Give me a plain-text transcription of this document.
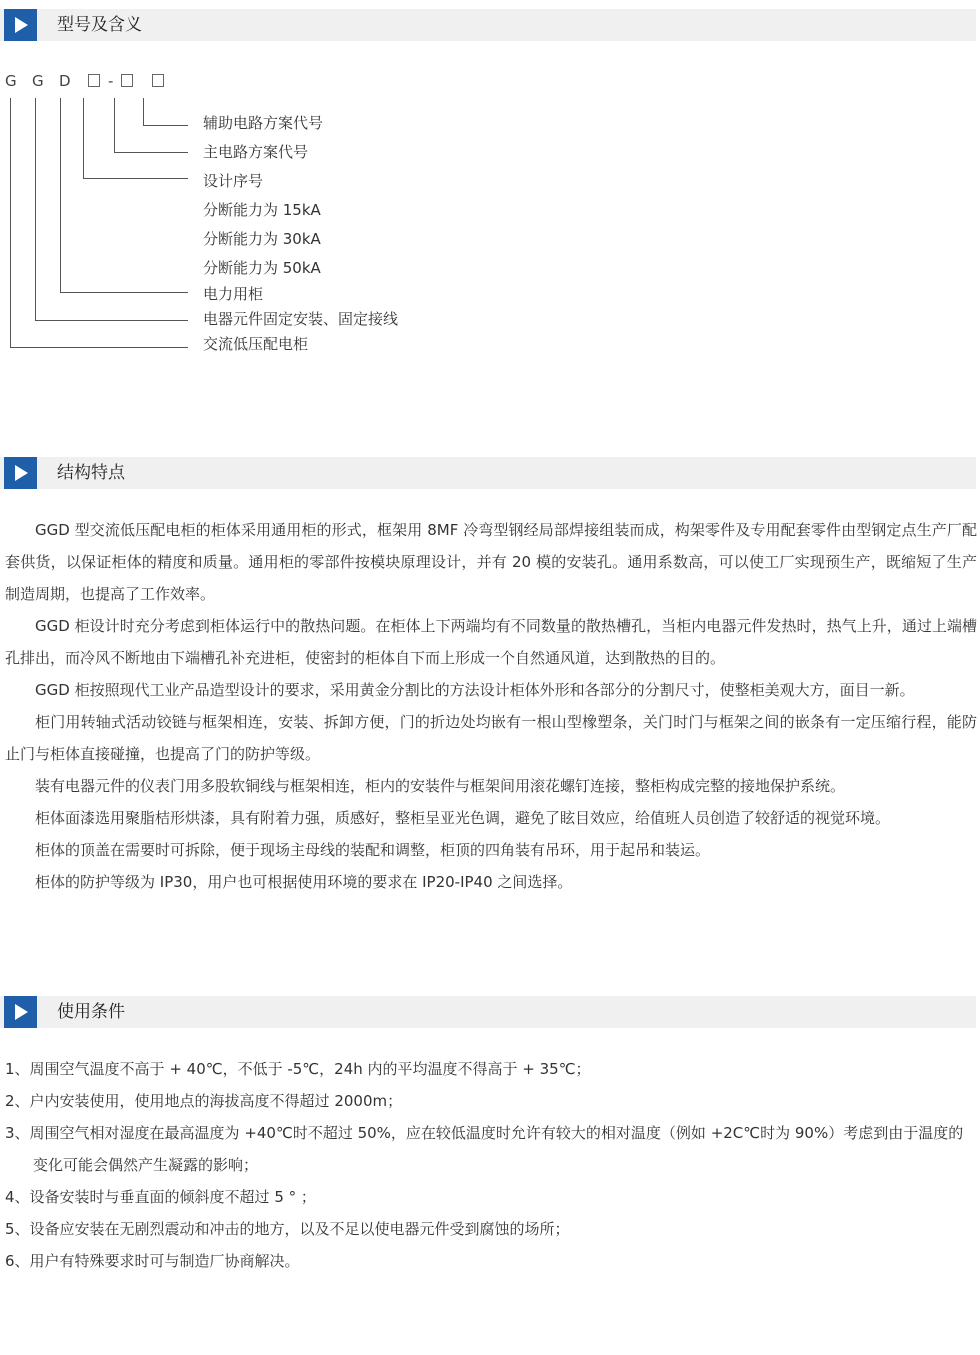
型号及含义
G G D -
辅助电路方案代号
主电路方案代号
设计序号
分断能力为 15kA
分断能力为 30kA
分断能力为 50kA
电力用柜
电器元件固定安装、固定接线
交流低压配电柜
结构特点

GGD 型交流低压配电柜的柜体采用通用柜的形式，框架用 8MF 冷弯型钢经局部焊接组装而成，构架零件及专用配套零件由型钢定点生产厂配套供货，以保证柜体的精度和质量。通用柜的零部件按模块原理设计，并有 20 模的安装孔。通用系数高，可以使工厂实现预生产，既缩短了生产制造周期，也提高了工作效率。

GGD 柜设计时充分考虑到柜体运行中的散热问题。在柜体上下两端均有不同数量的散热槽孔，当柜内电器元件发热时，热气上升，通过上端槽孔排出，而冷风不断地由下端槽孔补充进柜，使密封的柜体自下而上形成一个自然通风道，达到散热的目的。

GGD 柜按照现代工业产品造型设计的要求，采用黄金分割比的方法设计柜体外形和各部分的分割尺寸，使整柜美观大方，面目一新。

柜门用转轴式活动铰链与框架相连，安装、拆卸方便，门的折边处均嵌有一根山型橡塑条，关门时门与框架之间的嵌条有一定压缩行程，能防止门与柜体直接碰撞，也提高了门的防护等级。

装有电器元件的仪表门用多股软铜线与框架相连，柜内的安装件与框架间用滚花螺钉连接，整柜构成完整的接地保护系统。

柜体面漆选用聚脂桔形烘漆，具有附着力强，质感好，整柜呈亚光色调，避免了眩目效应，给值班人员创造了较舒适的视觉环境。

柜体的顶盖在需要时可拆除，便于现场主母线的装配和调整，柜顶的四角装有吊环，用于起吊和装运。

柜体的防护等级为 IP30，用户也可根据使用环境的要求在 IP20-IP40 之间选择。

使用条件
1、周围空气温度不高于 + 40℃，不低于 -5℃，24h 内的平均温度不得高于 + 35℃；
2、户内安装使用，使用地点的海拔高度不得超过 2000m；
3、周围空气相对湿度在最高温度为 +40℃时不超过 50%，应在较低温度时允许有较大的相对温度（例如 +2C℃时为 90%）考虑到由于温度的变化可能会偶然产生凝露的影响；
4、设备安装时与垂直面的倾斜度不超过 5 ° ；
5、设备应安装在无剧烈震动和冲击的地方，以及不足以使电器元件受到腐蚀的场所；
6、用户有特殊要求时可与制造厂协商解决。
